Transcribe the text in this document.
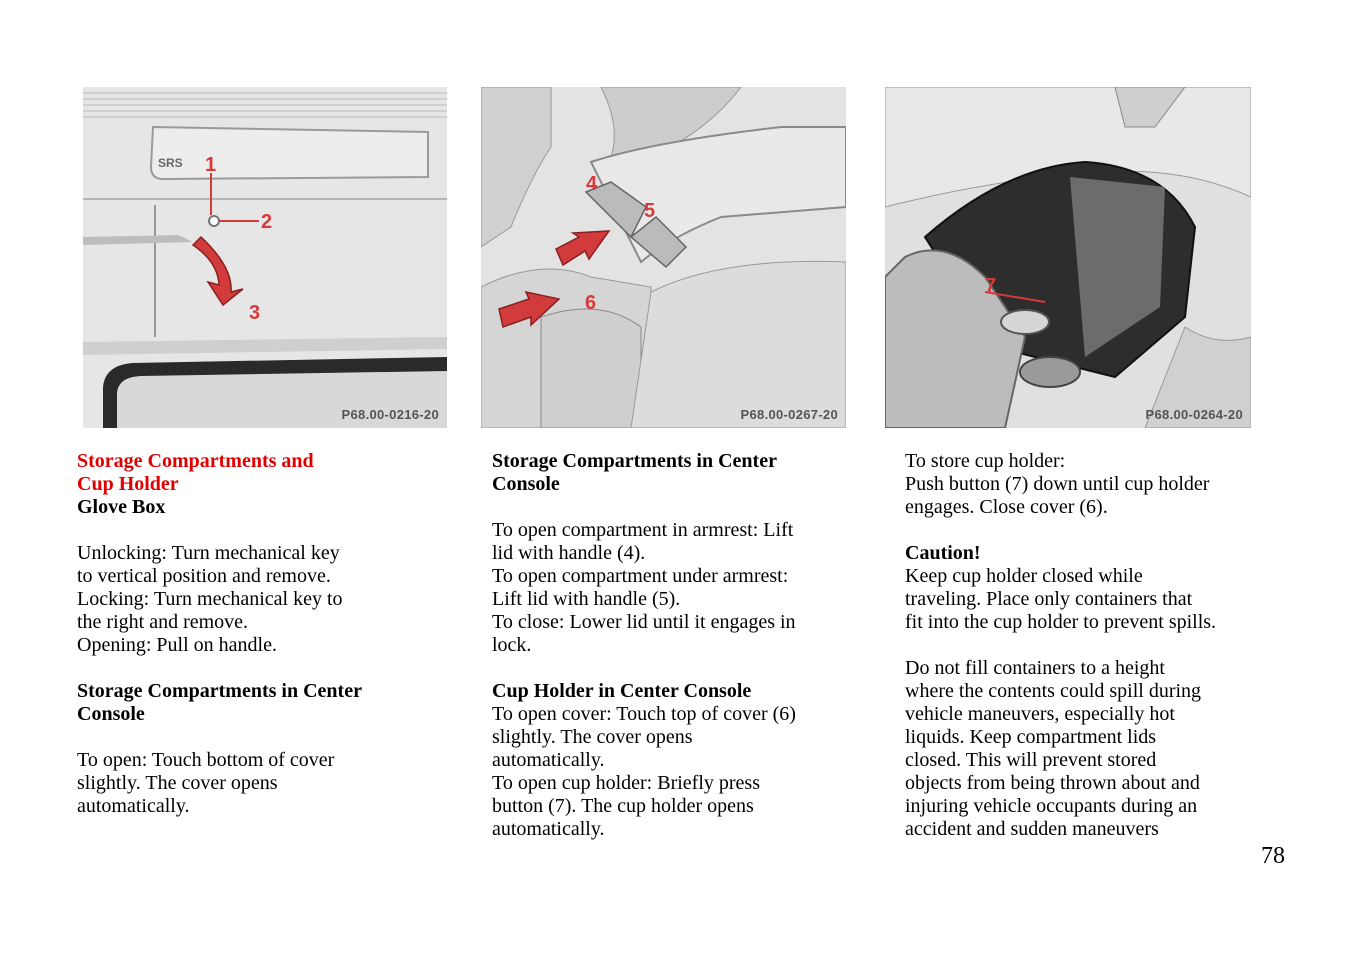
SRS 1
2
3
P68.00-0216-20
4
5
6
P68.00-0267-20
7
P68.00-0264-20

Storage Compartments and

Cup Holder

Glove Box

Unlocking: Turn mechanical key

to vertical position and remove.

Locking: Turn mechanical key to

the right and remove.

Opening: Pull on handle.

Storage Compartments in Center

Console

To open: Touch bottom of cover

slightly. The cover opens

automatically.

Storage Compartments in Center

Console

To open compartment in armrest: Lift

lid with handle (4).

To open compartment under armrest:

Lift lid with handle (5).

To close: Lower lid until it engages in

lock.

Cup Holder in Center Console

To open cover: Touch top of cover (6)

slightly. The cover opens

automatically.

To open cup holder: Briefly press

button (7). The cup holder opens

automatically.

To store cup holder:

Push button (7) down until cup holder

engages. Close cover (6).

Caution!

Keep cup holder closed while

traveling. Place only containers that

fit into the cup holder to prevent spills.

Do not fill containers to a height

where the contents could spill during

vehicle maneuvers, especially hot

liquids. Keep compartment lids

closed. This will prevent stored

objects from being thrown about and

injuring vehicle occupants during an

accident and sudden maneuvers

78
